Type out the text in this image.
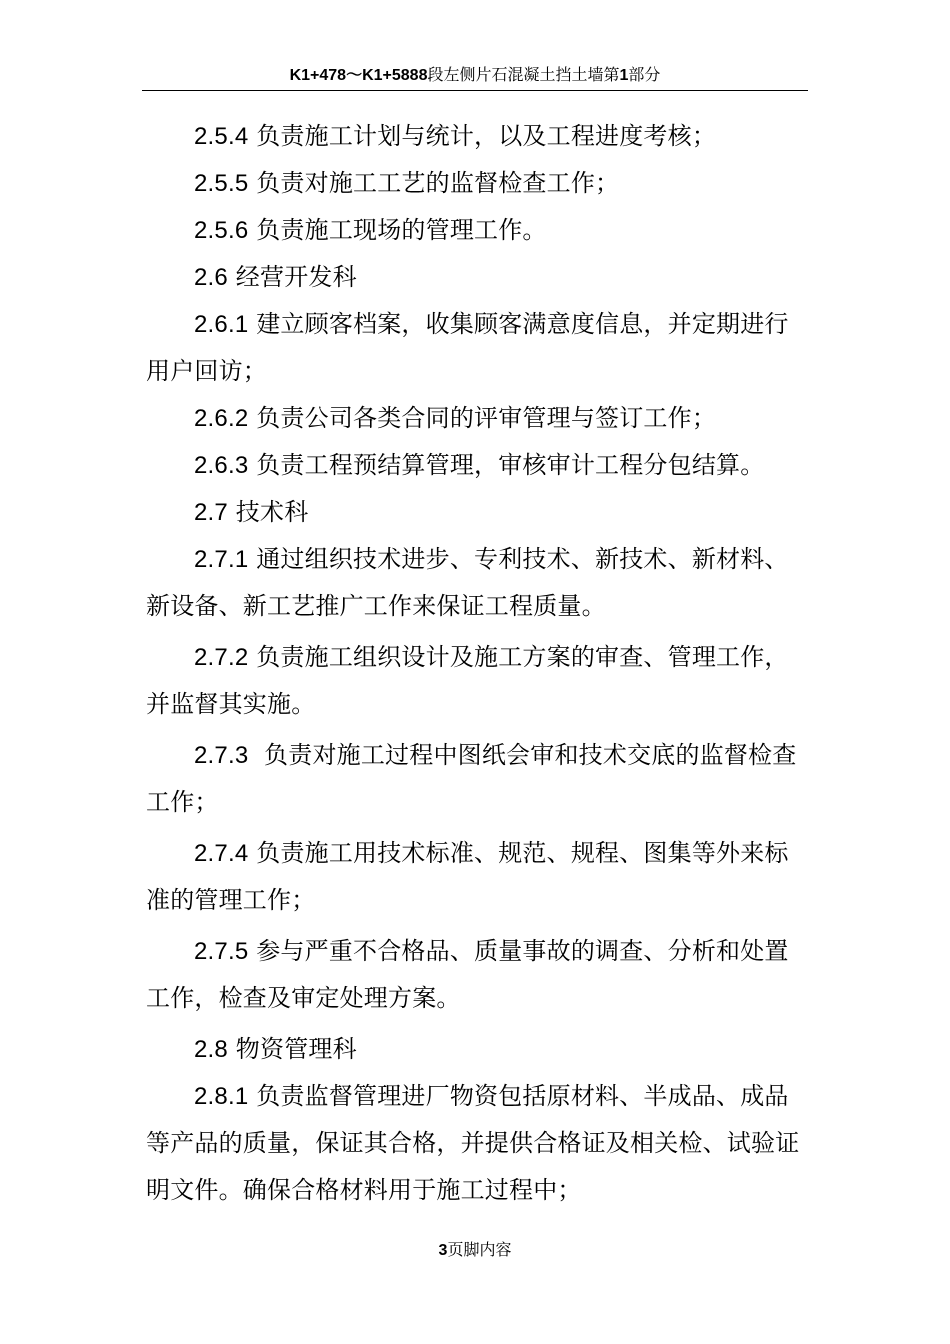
K1+478～K1+5888段左侧片石混凝土挡土墙第1部分

2.5.4 负责施工计划与统计，以及工程进度考核；

2.5.5 负责对施工工艺的监督检查工作；

2.5.6 负责施工现场的管理工作。

2.6 经营开发科

2.6.1 建立顾客档案，收集顾客满意度信息，并定期进行用户回访；

2.6.2 负责公司各类合同的评审管理与签订工作；

2.6.3 负责工程预结算管理，审核审计工程分包结算。

2.7 技术科

2.7.1 通过组织技术进步、专利技术、新技术、新材料、新设备、新工艺推广工作来保证工程质量。

2.7.2 负责施工组织设计及施工方案的审查、管理工作，并监督其实施。

2.7.3  负责对施工过程中图纸会审和技术交底的监督检查工作；

2.7.4 负责施工用技术标准、规范、规程、图集等外来标准的管理工作；

2.7.5 参与严重不合格品、质量事故的调查、分析和处置工作，检查及审定处理方案。

2.8 物资管理科

2.8.1 负责监督管理进厂物资包括原材料、半成品、成品等产品的质量，保证其合格，并提供合格证及相关检、试验证明文件。确保合格材料用于施工过程中；

3页脚内容
